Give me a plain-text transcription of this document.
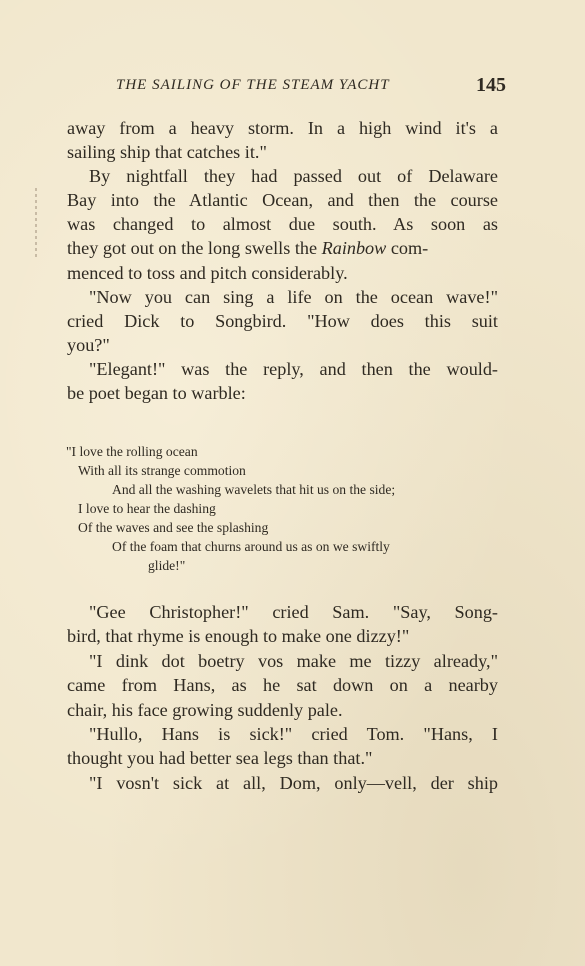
THE SAILING OF THE STEAM YACHT	145
away from a heavy storm. In a high wind it's a
sailing ship that catches it."
By nightfall they had passed out of Delaware
Bay into the Atlantic Ocean, and then the course
was changed to almost due south. As soon as
they got out on the long swells the Rainbow com-
menced to toss and pitch considerably.
"Now you can sing a life on the ocean wave!"
cried Dick to Songbird. "How does this suit
you?"
"Elegant!" was the reply, and then the would-
be poet began to warble:
"I love the rolling ocean
With all its strange commotion
And all the washing wavelets that hit us on the side;
I love to hear the dashing
Of the waves and see the splashing
Of the foam that churns around us as on we swiftly
glide!"
"Gee Christopher!" cried Sam. "Say, Song-
bird, that rhyme is enough to make one dizzy!"
"I dink dot boetry vos make me tizzy already,"
came from Hans, as he sat down on a nearby
chair, his face growing suddenly pale.
"Hullo, Hans is sick!" cried Tom. "Hans, I
thought you had better sea legs than that."
"I vosn't sick at all, Dom, only—vell, der ship
